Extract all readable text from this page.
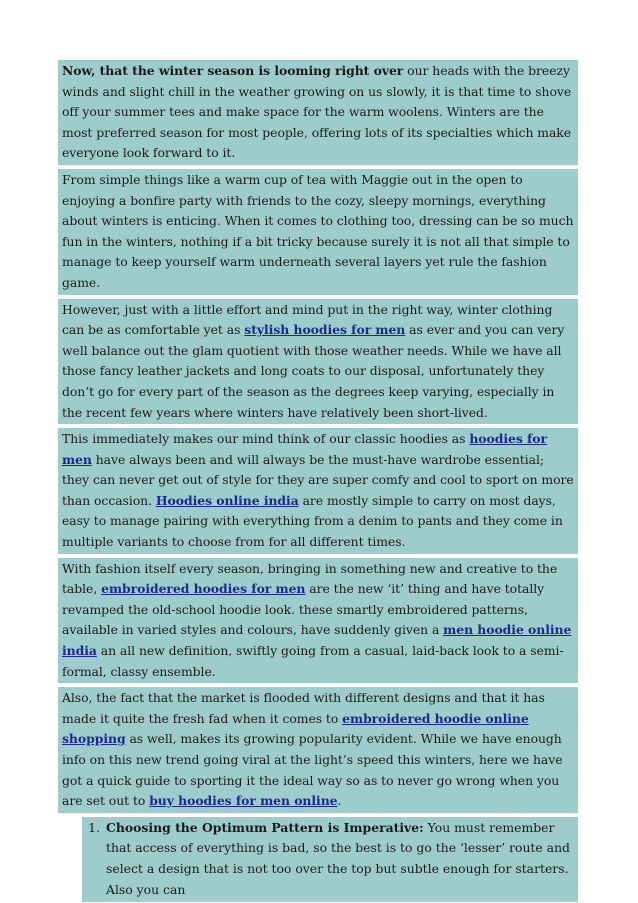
Now, that the winter season is looming right over our heads with the breezy winds and slight chill in the weather growing on us slowly, it is that time to shove off your summer tees and make space for the warm woolens. Winters are the most preferred season for most people, offering lots of its specialties which make everyone look forward to it.
From simple things like a warm cup of tea with Maggie out in the open to enjoying a bonfire party with friends to the cozy, sleepy mornings, everything about winters is enticing. When it comes to clothing too, dressing can be so much fun in the winters, nothing if a bit tricky because surely it is not all that simple to manage to keep yourself warm underneath several layers yet rule the fashion game.
However, just with a little effort and mind put in the right way, winter clothing can be as comfortable yet as stylish hoodies for men as ever and you can very well balance out the glam quotient with those weather needs. While we have all those fancy leather jackets and long coats to our disposal, unfortunately they don’t go for every part of the season as the degrees keep varying, especially in the recent few years where winters have relatively been short-lived.
This immediately makes our mind think of our classic hoodies as hoodies for men have always been and will always be the must-have wardrobe essential; they can never get out of style for they are super comfy and cool to sport on more than occasion. Hoodies online india are mostly simple to carry on most days, easy to manage pairing with everything from a denim to pants and they come in multiple variants to choose from for all different times.
With fashion itself every season, bringing in something new and creative to the table, embroidered hoodies for men are the new ‘it’ thing and have totally revamped the old-school hoodie look. these smartly embroidered patterns, available in varied styles and colours, have suddenly given a men hoodie online india an all new definition, swiftly going from a casual, laid-back look to a semi-formal, classy ensemble.
Also, the fact that the market is flooded with different designs and that it has made it quite the fresh fad when it comes to embroidered hoodie online shopping as well, makes its growing popularity evident. While we have enough info on this new trend going viral at the light’s speed this winters, here we have got a quick guide to sporting it the ideal way so as to never go wrong when you are set out to buy hoodies for men online.
1. Choosing the Optimum Pattern is Imperative: You must remember that access of everything is bad, so the best is to go the ‘lesser’ route and select a design that is not too over the top but subtle enough for starters. Also you can
